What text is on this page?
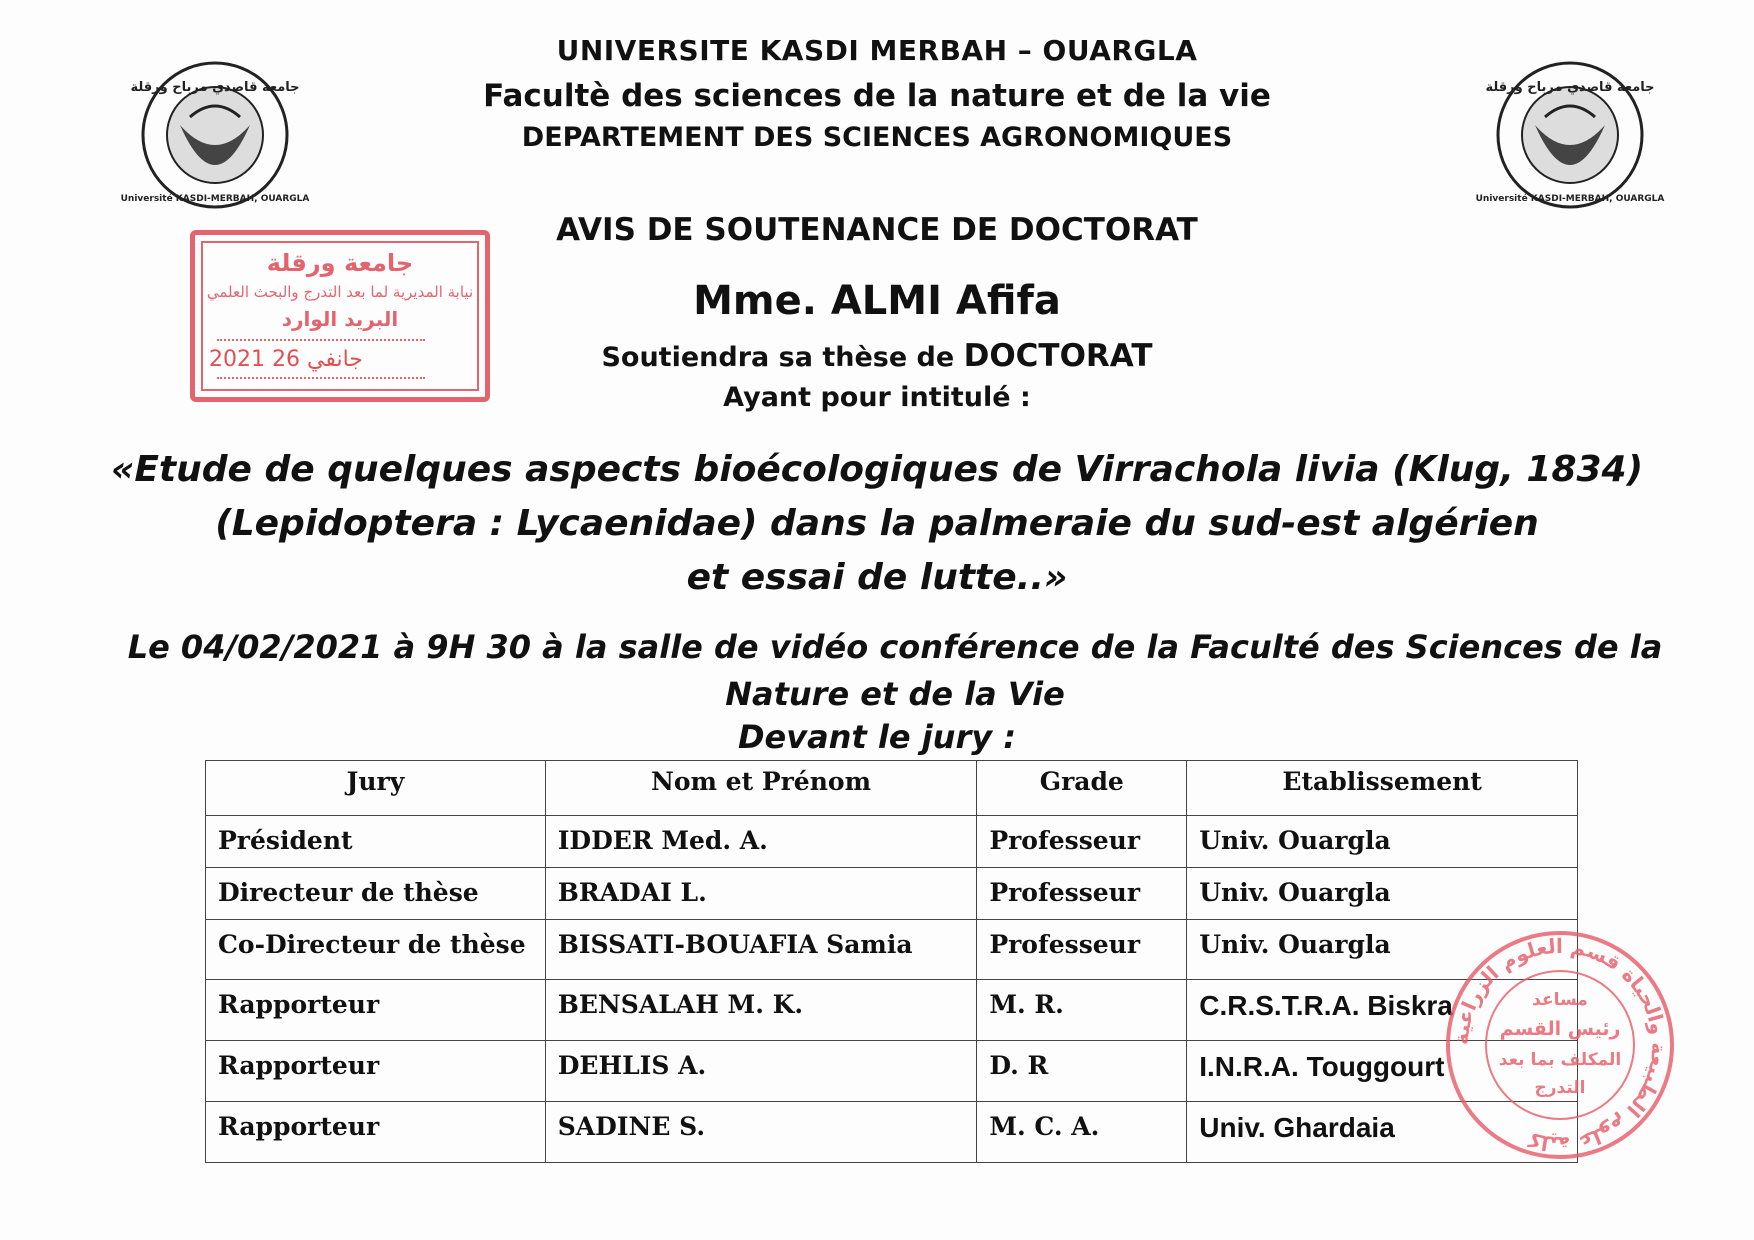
جامعة قاصدي مرباح ورقلة
Université KASDI-MERBAH, OUARGLA
جامعة قاصدي مرباح ورقلة
Université KASDI-MERBAH, OUARGLA
UNIVERSITE KASDI MERBAH – OUARGLA
Facultè des sciences de la nature et de la vie
DEPARTEMENT DES SCIENCES AGRONOMIQUES
جامعة ورقلة
نيابة المديرية لما بعد التدرج والبحث العلمي
البريد الوارد
2021 جانفي 26
AVIS DE SOUTENANCE DE DOCTORAT
Mme. ALMI Afifa
Soutiendra sa thèse de DOCTORAT
Ayant pour intitulé :
«Etude de quelques aspects bioécologiques de Virrachola livia (Klug, 1834)
(Lepidoptera : Lycaenidae) dans la palmeraie du sud-est algérien
et essai de lutte..»
Le 04/02/2021 à 9H 30 à la salle de vidéo conférence de la Faculté des Sciences de la
Nature et de la Vie
Devant le jury :
Jury	Nom et Prénom	Grade	Etablissement
Président	IDDER Med. A.	Professeur	Univ. Ouargla
Directeur de thèse	BRADAI L.	Professeur	Univ. Ouargla
Co-Directeur de thèse	BISSATI-BOUAFIA Samia	Professeur	Univ. Ouargla
Rapporteur	BENSALAH M. K.	M. R.	C.R.S.T.R.A. Biskra
Rapporteur	DEHLIS A.	D. R	I.N.R.A. Touggourt
Rapporteur	SADINE S.	M. C. A.	Univ. Ghardaia
كلية علوم الطبيعة والحياة قسم العلوم الزراعية
مساعد
رئيس القسم
المكلف بما بعد
التدرج
